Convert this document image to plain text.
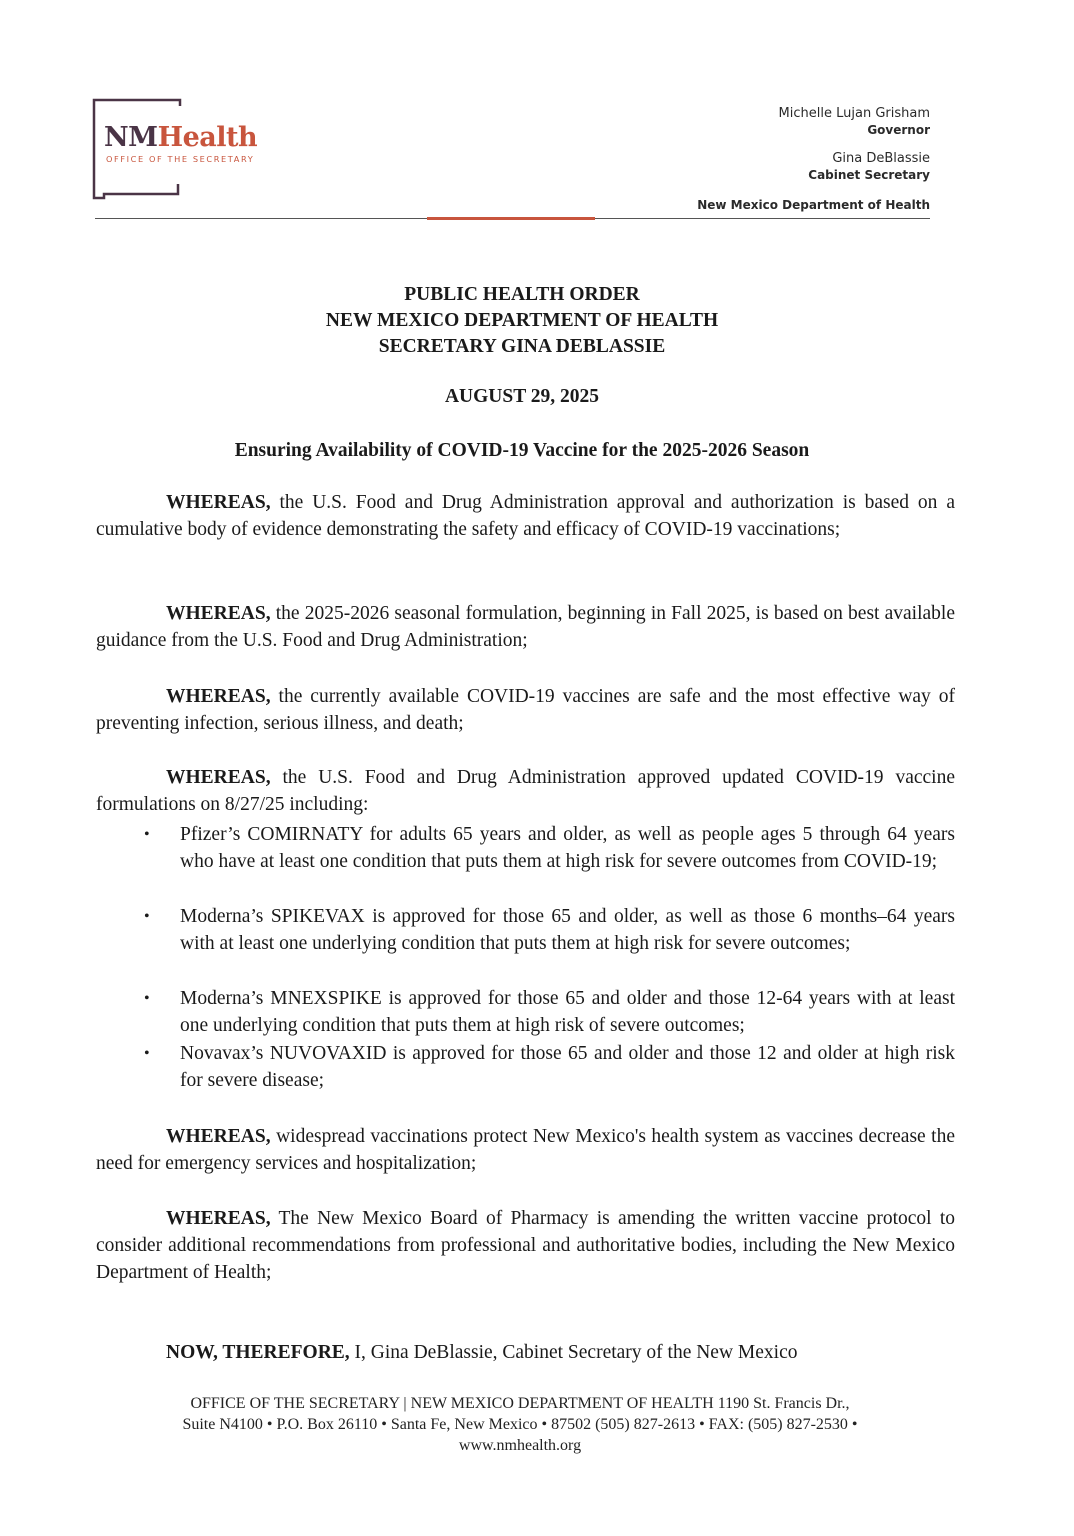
NMHealth
OFFICE OF THE SECRETARY
Michelle Lujan Grisham
Governor
Gina DeBlassie
Cabinet Secretary
New Mexico Department of Health
PUBLIC HEALTH ORDER
NEW MEXICO DEPARTMENT OF HEALTH
SECRETARY GINA DEBLASSIE
AUGUST 29, 2025
Ensuring Availability of COVID-19 Vaccine for the 2025-2026 Season
WHEREAS, the U.S. Food and Drug Administration approval and authorization is based on a cumulative body of evidence demonstrating the safety and efficacy of COVID-19 vaccinations;
WHEREAS, the 2025-2026 seasonal formulation, beginning in Fall 2025, is based on best available guidance from the U.S. Food and Drug Administration;
WHEREAS, the currently available COVID-19 vaccines are safe and the most effective way of preventing infection, serious illness, and death;
WHEREAS, the U.S. Food and Drug Administration approved updated COVID-19 vaccine formulations on 8/27/25 including:
• Pfizer’s COMIRNATY for adults 65 years and older, as well as people ages 5 through 64 years who have at least one condition that puts them at high risk for severe outcomes from COVID-19;
• Moderna’s SPIKEVAX is approved for those 65 and older, as well as those 6 months–64 years with at least one underlying condition that puts them at high risk for severe outcomes;
• Moderna’s MNEXSPIKE is approved for those 65 and older and those 12-64 years with at least one underlying condition that puts them at high risk of severe outcomes;
• Novavax’s NUVOVAXID is approved for those 65 and older and those 12 and older at high risk for severe disease;
WHEREAS, widespread vaccinations protect New Mexico's health system as vaccines decrease the need for emergency services and hospitalization;
WHEREAS, The New Mexico Board of Pharmacy is amending the written vaccine protocol to consider additional recommendations from professional and authoritative bodies, including the New Mexico Department of Health;
NOW, THEREFORE, I, Gina DeBlassie, Cabinet Secretary of the New Mexico
OFFICE OF THE SECRETARY | NEW MEXICO DEPARTMENT OF HEALTH 1190 St. Francis Dr.,
Suite N4100 • P.O. Box 26110 • Santa Fe, New Mexico • 87502 (505) 827-2613 • FAX: (505) 827-2530 •
www.nmhealth.org
